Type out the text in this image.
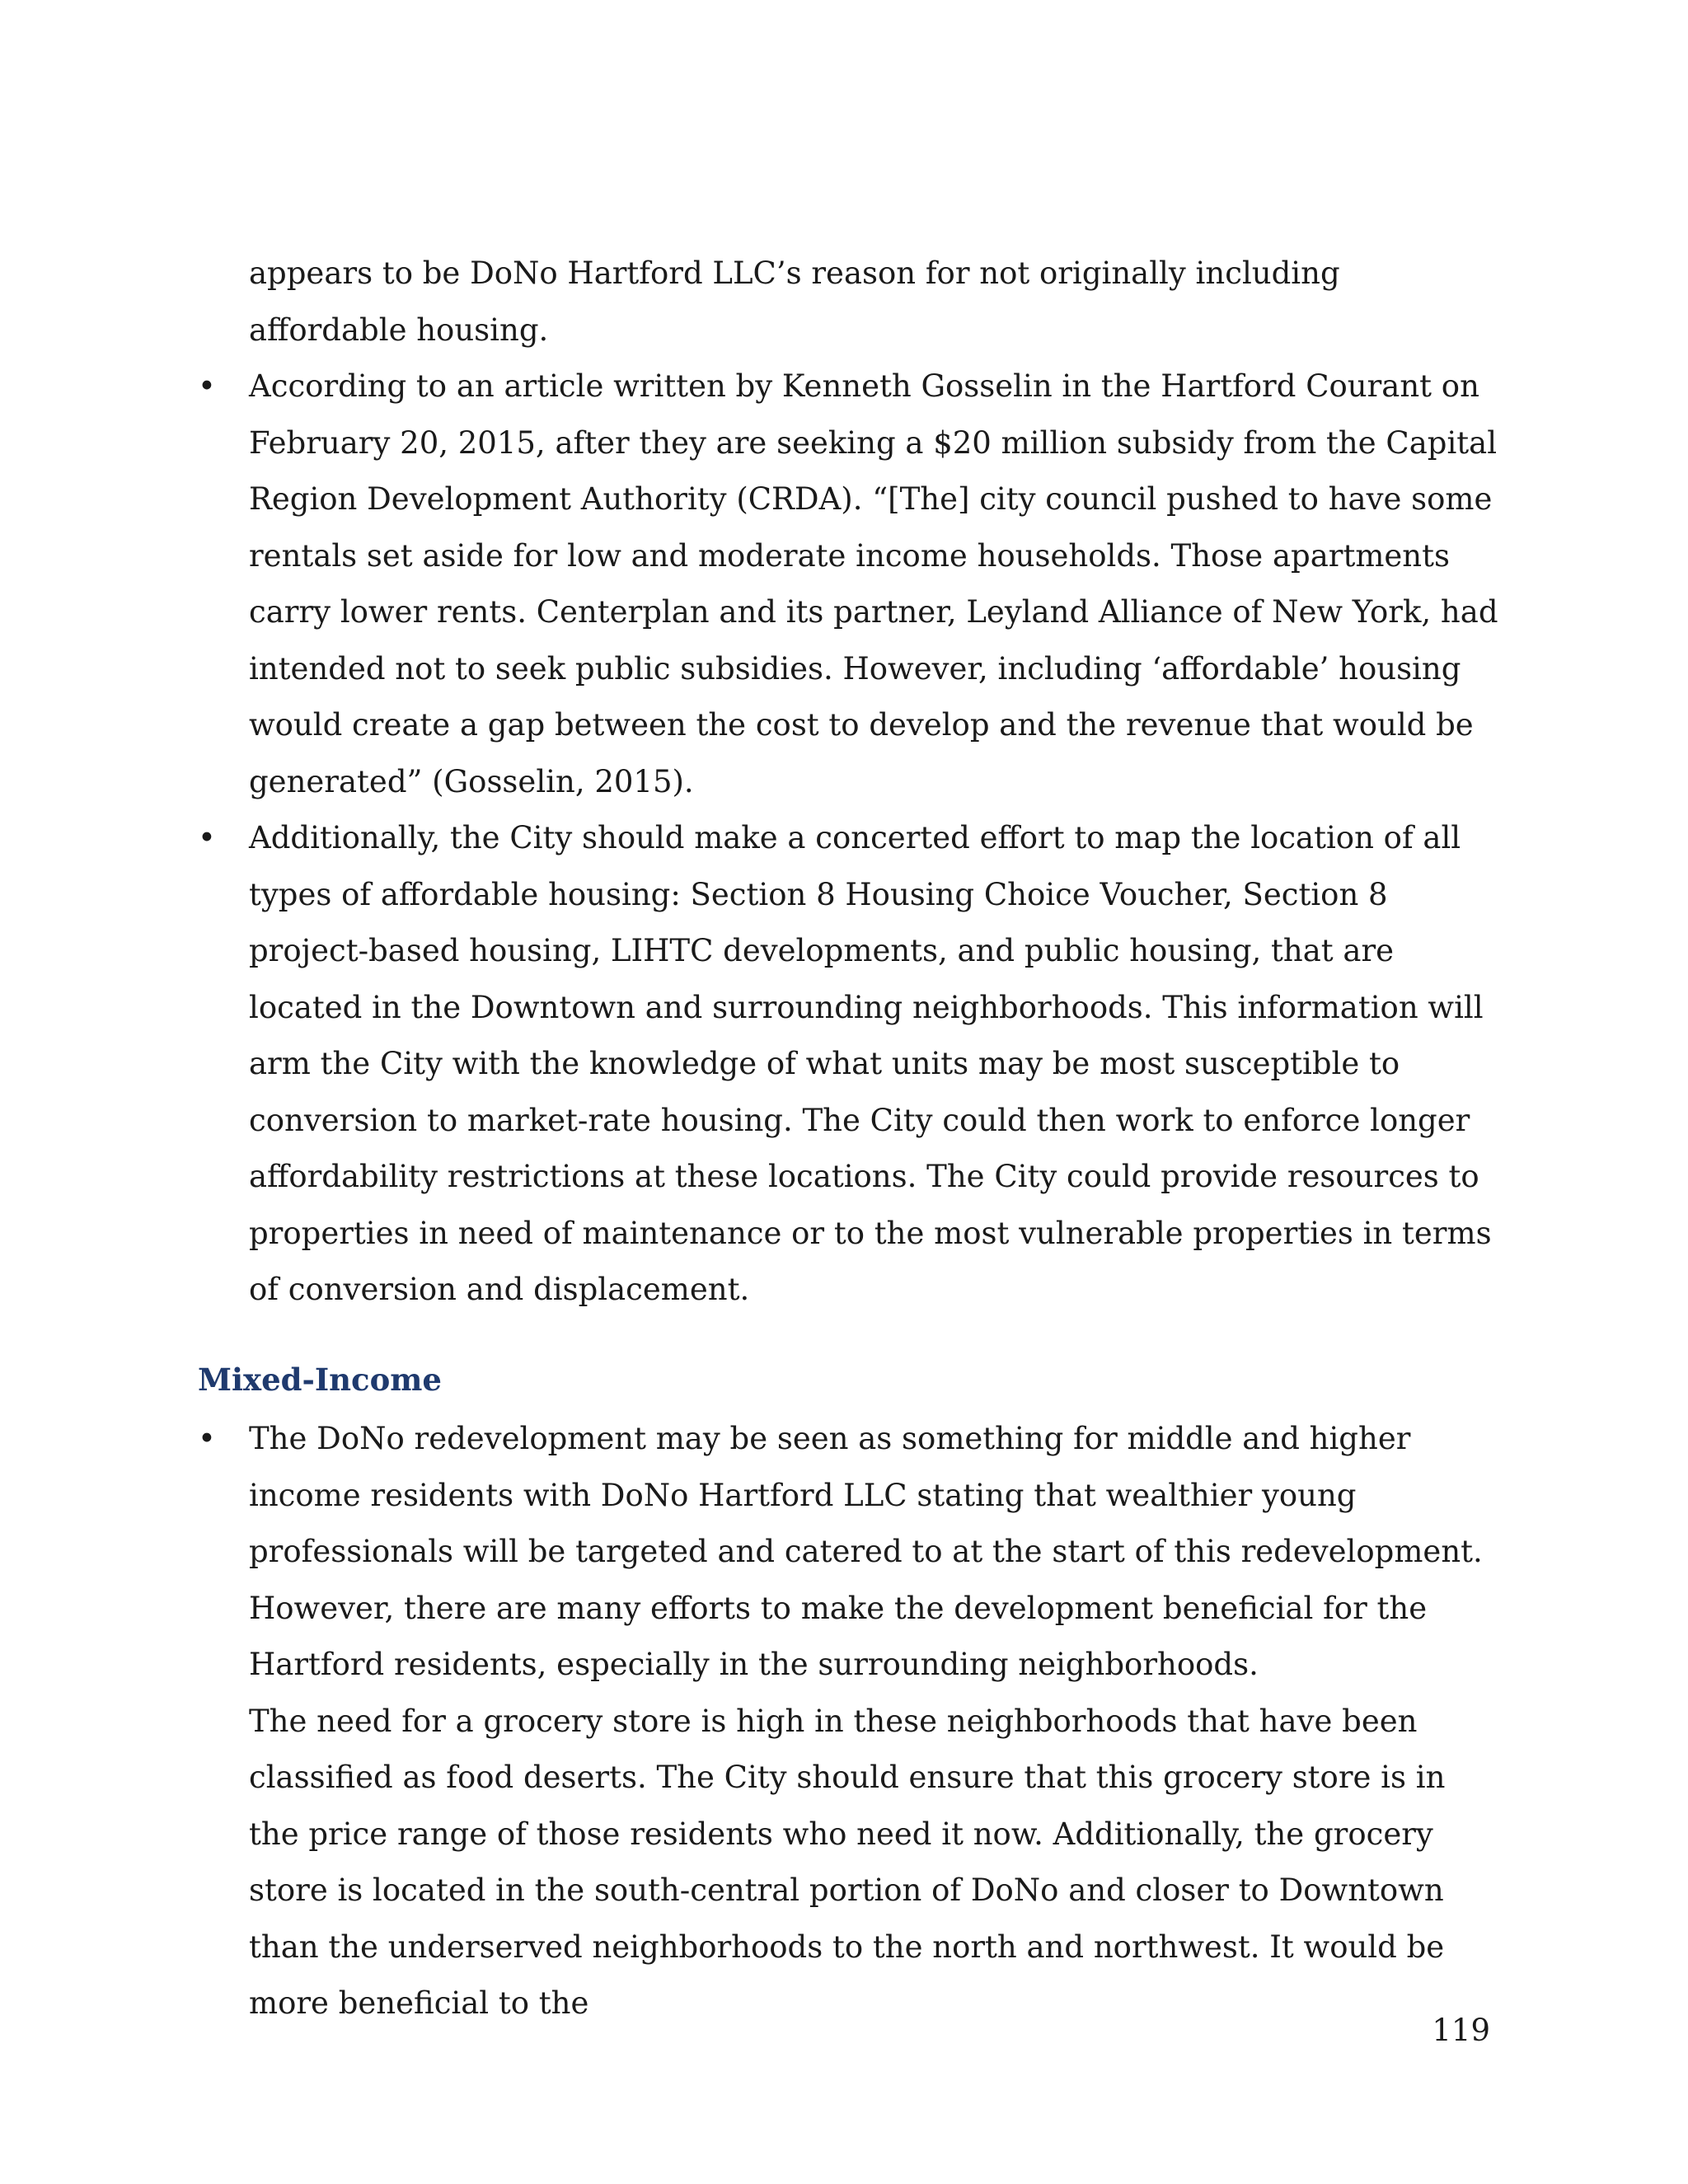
appears to be DoNo Hartford LLC’s reason for not originally including affordable housing.

•	According to an article written by Kenneth Gosselin in the Hartford Courant on February 20, 2015, after they are seeking a $20 million subsidy from the Capital Region Development Authority (CRDA). “[The] city council pushed to have some rentals set aside for low and moderate income households. Those apartments carry lower rents. Centerplan and its partner, Leyland Alliance of New York, had intended not to seek public subsidies. However, including ‘affordable’ housing would create a gap between the cost to develop and the revenue that would be generated” (Gosselin, 2015).
•	Additionally, the City should make a concerted effort to map the location of all types of affordable housing: Section 8 Housing Choice Voucher, Section 8 project-based housing, LIHTC developments, and public housing, that are located in the Downtown and surrounding neighborhoods. This information will arm the City with the knowledge of what units may be most susceptible to conversion to market-rate housing. The City could then work to enforce longer affordability restrictions at these locations. The City could provide resources to properties in need of maintenance or to the most vulnerable properties in terms of conversion and displacement.
Mixed-Income
•	The DoNo redevelopment may be seen as something for middle and higher income residents with DoNo Hartford LLC stating that wealthier young professionals will be targeted and catered to at the start of this redevelopment. However, there are many efforts to make the development beneficial for the Hartford residents, especially in the surrounding neighborhoods.

The need for a grocery store is high in these neighborhoods that have been classified as food deserts. The City should ensure that this grocery store is in the price range of those residents who need it now. Additionally, the grocery store is located in the south-central portion of DoNo and closer to Downtown than the underserved neighborhoods to the north and northwest. It would be more beneficial to the

119
